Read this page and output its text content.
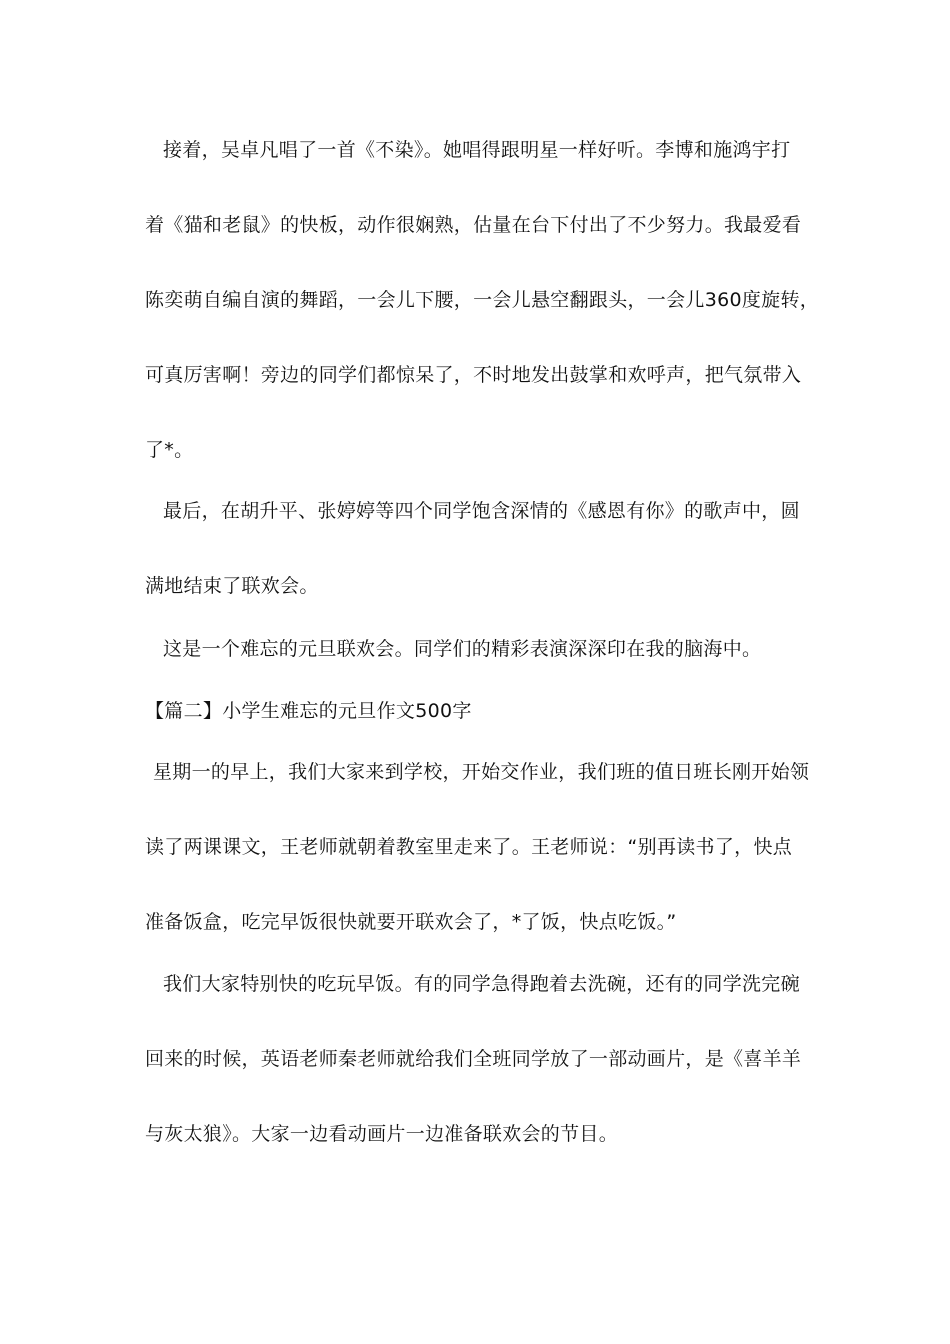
接着，吴卓凡唱了一首《不染》。她唱得跟明星一样好听。李博和施鸿宇打
着《猫和老鼠》的快板，动作很娴熟，估量在台下付出了不少努力。我最爱看
陈奕萌自编自演的舞蹈，一会儿下腰，一会儿悬空翻跟头，一会儿360度旋转，
可真厉害啊！旁边的同学们都惊呆了，不时地发出鼓掌和欢呼声，把气氛带入
了*。
最后，在胡升平、张婷婷等四个同学饱含深情的《感恩有你》的歌声中，圆
满地结束了联欢会。
这是一个难忘的元旦联欢会。同学们的精彩表演深深印在我的脑海中。
【篇二】小学生难忘的元旦作文500字
星期一的早上，我们大家来到学校，开始交作业，我们班的值日班长刚开始领
读了两课课文，王老师就朝着教室里走来了。王老师说：“别再读书了，快点
准备饭盒，吃完早饭很快就要开联欢会了，*了饭，快点吃饭。”
我们大家特别快的吃玩早饭。有的同学急得跑着去洗碗，还有的同学洗完碗
回来的时候，英语老师秦老师就给我们全班同学放了一部动画片，是《喜羊羊
与灰太狼》。大家一边看动画片一边准备联欢会的节目。
